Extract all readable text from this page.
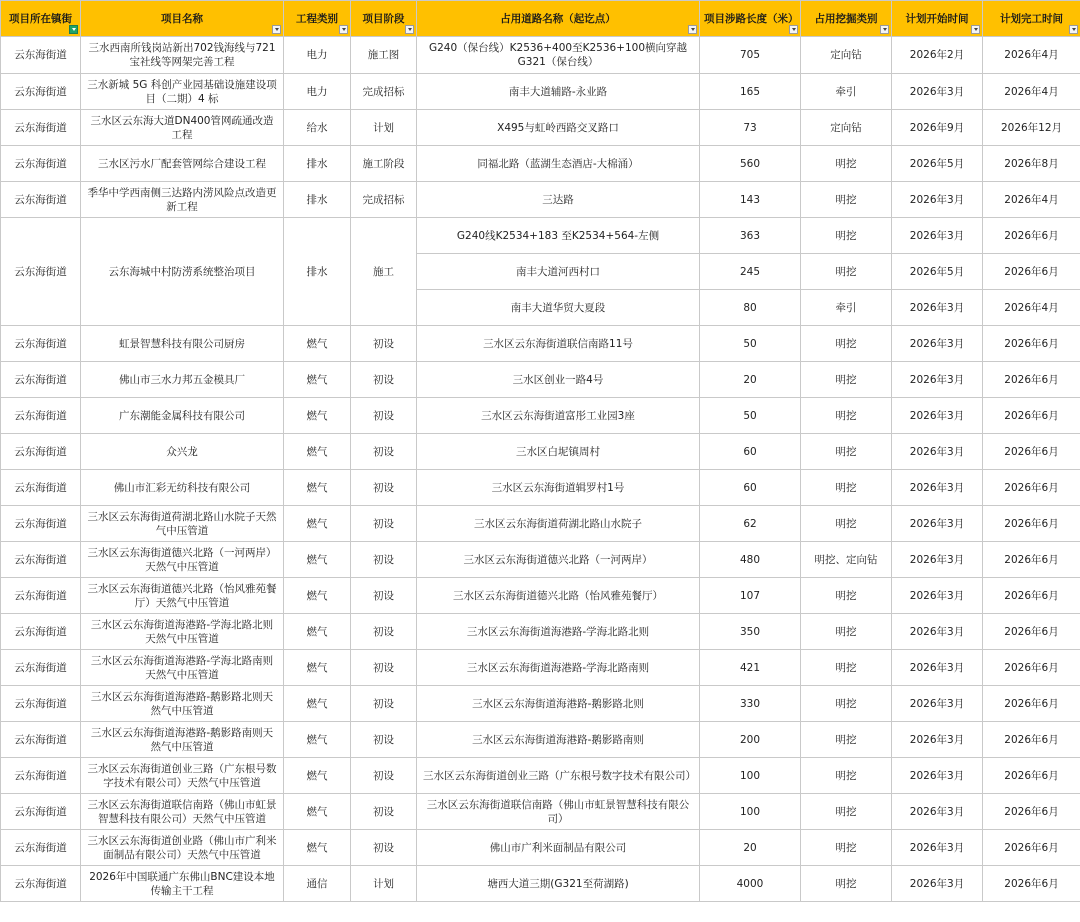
项目所在镇街	项目名称	工程类别	项目阶段	占用道路名称（起讫点）	项目涉路长度（米）	占用挖掘类别	计划开始时间	计划完工时间

云东海街道	三水西南所钱岗站新出702钱海线与721宝社线等网架完善工程	电力	施工图	G240（保台线）K2536+400至K2536+100横向穿越G321（保台线）	705	定向钻	2026年2月	2026年4月
云东海街道	三水新城 5G 科创产业园基础设施建设项目（二期）4 标	电力	完成招标	南丰大道辅路-永业路	165	牵引	2026年3月	2026年4月
云东海街道	三水区云东海大道DN400管网疏通改造工程	给水	计划	X495与虹岭西路交叉路口	73	定向钻	2026年9月	2026年12月
云东海街道	三水区污水厂配套管网综合建设工程	排水	施工阶段	同福北路（蓝湖生态酒店-大棉涌）	560	明挖	2026年5月	2026年8月
云东海街道	季华中学西南侧三达路内涝风险点改造更新工程	排水	完成招标	三达路	143	明挖	2026年3月	2026年4月
云东海街道	云东海城中村防涝系统整治项目	排水	施工	G240线K2534+183 至K2534+564-左侧	363	明挖	2026年3月	2026年6月
				南丰大道河西村口	245	明挖	2026年5月	2026年6月
				南丰大道华贸大夏段	80	牵引	2026年3月	2026年4月
云东海街道	虹景智慧科技有限公司厨房	燃气	初设	三水区云东海街道联信南路11号	50	明挖	2026年3月	2026年6月
云东海街道	佛山市三水力邦五金模具厂	燃气	初设	三水区创业一路4号	20	明挖	2026年3月	2026年6月
云东海街道	广东潮能金属科技有限公司	燃气	初设	三水区云东海街道富彤工业园3座	50	明挖	2026年3月	2026年6月
云东海街道	众兴龙	燃气	初设	三水区白坭镇周村	60	明挖	2026年3月	2026年6月
云东海街道	佛山市汇彩无纺科技有限公司	燃气	初设	三水区云东海街道辑罗村1号	60	明挖	2026年3月	2026年6月
云东海街道	三水区云东海街道荷湖北路山水院子天然气中压管道	燃气	初设	三水区云东海街道荷湖北路山水院子	62	明挖	2026年3月	2026年6月
云东海街道	三水区云东海街道德兴北路（一河两岸）天然气中压管道	燃气	初设	三水区云东海街道德兴北路（一河两岸）	480	明挖、定向钻	2026年3月	2026年6月
云东海街道	三水区云东海街道德兴北路（怡风雅苑餐厅）天然气中压管道	燃气	初设	三水区云东海街道德兴北路（怡风雅苑餐厅）	107	明挖	2026年3月	2026年6月
云东海街道	三水区云东海街道海港路-学海北路北则天然气中压管道	燃气	初设	三水区云东海街道海港路-学海北路北则	350	明挖	2026年3月	2026年6月
云东海街道	三水区云东海街道海港路-学海北路南则天然气中压管道	燃气	初设	三水区云东海街道海港路-学海北路南则	421	明挖	2026年3月	2026年6月
云东海街道	三水区云东海街道海港路-鹅影路北则天然气中压管道	燃气	初设	三水区云东海街道海港路-鹅影路北则	330	明挖	2026年3月	2026年6月
云东海街道	三水区云东海街道海港路-鹅影路南则天然气中压管道	燃气	初设	三水区云东海街道海港路-鹅影路南则	200	明挖	2026年3月	2026年6月
云东海街道	三水区云东海街道创业三路（广东根号数字技术有限公司）天然气中压管道	燃气	初设	三水区云东海街道创业三路（广东根号数字技术有限公司）	100	明挖	2026年3月	2026年6月
云东海街道	三水区云东海街道联信南路（佛山市虹景智慧科技有限公司）天然气中压管道	燃气	初设	三水区云东海街道联信南路（佛山市虹景智慧科技有限公司）	100	明挖	2026年3月	2026年6月
云东海街道	三水区云东海街道创业路（佛山市广利米面制品有限公司）天然气中压管道	燃气	初设	佛山市广利米面制品有限公司	20	明挖	2026年3月	2026年6月
云东海街道	2026年中国联通广东佛山BNC建设本地传输主干工程	通信	计划	塘西大道三期(G321至荷湖路)	4000	明挖	2026年3月	2026年6月
